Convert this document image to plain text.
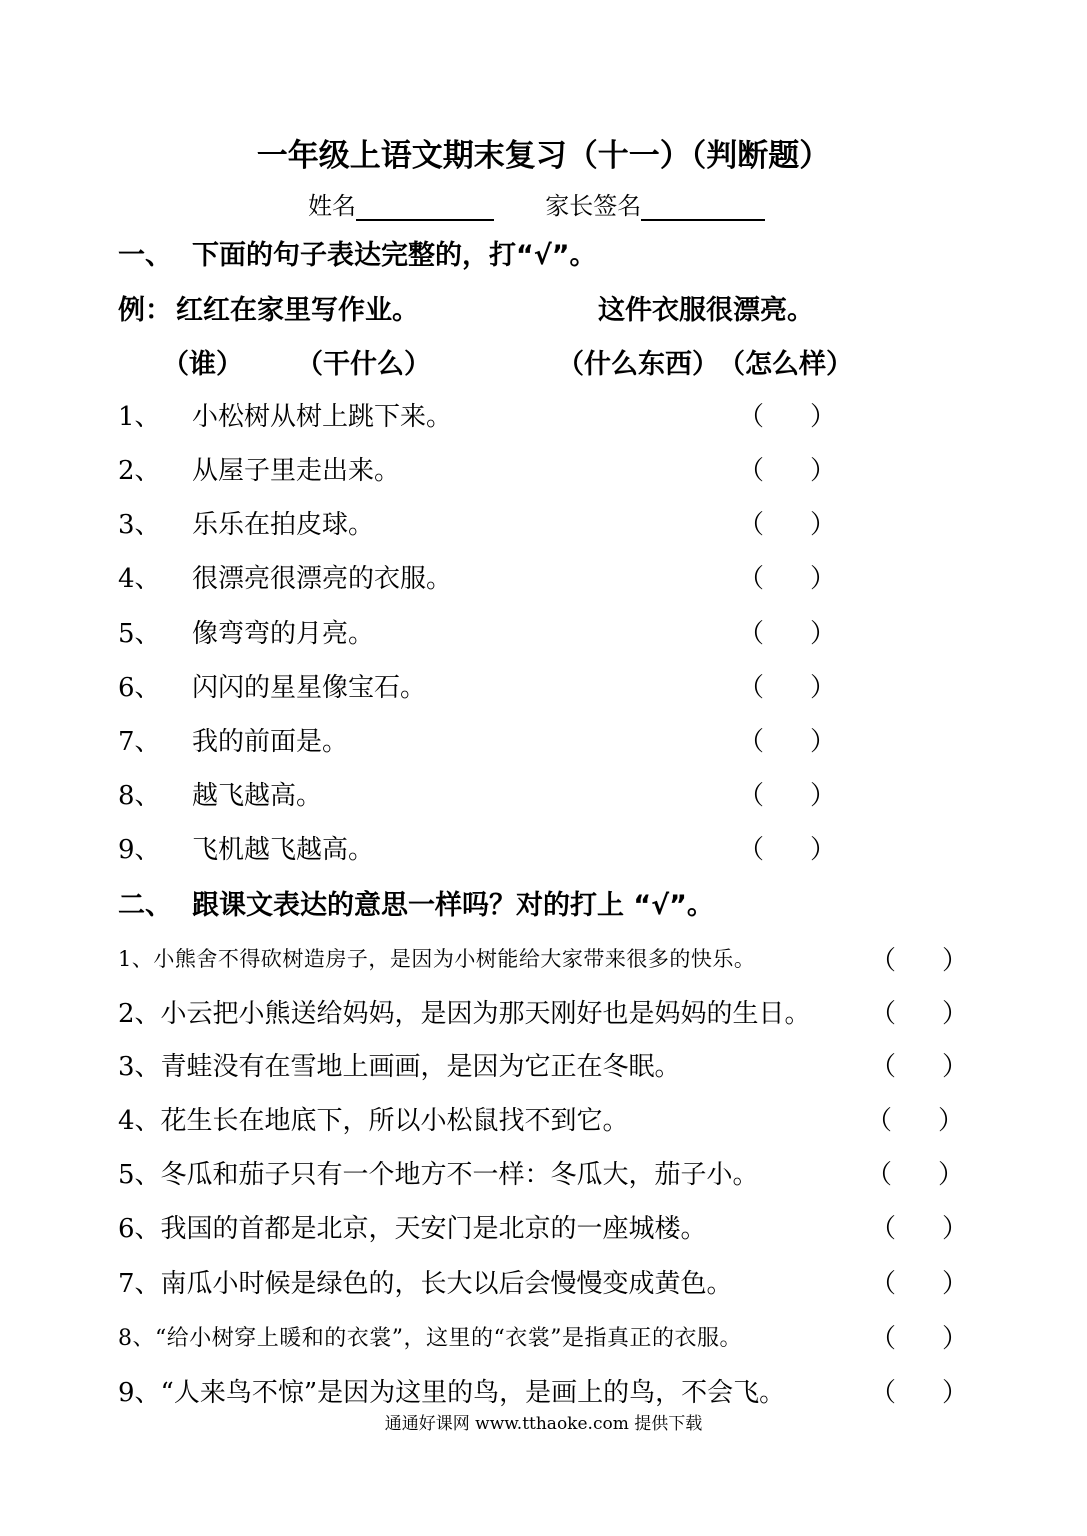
一年级上语文期末复习（十一）（判断题）
姓名	家长签名
一、 下面的句子表达完整的，打“√”。
例： 红红在家里写作业。	这件衣服很漂亮。
（谁） （干什么）	（什么东西） （怎么样）
1、 小松树从树上跳下来。	（ ）
2、 从屋子里走出来。	（ ）
3、 乐乐在拍皮球。	（ ）
4、 很漂亮很漂亮的衣服。	（ ）
5、 像弯弯的月亮。	（ ）
6、 闪闪的星星像宝石。	（ ）
7、 我的前面是。	（ ）
8、 越飞越高。	（ ）
9、 飞机越飞越高。	（ ）
二、 跟课文表达的意思一样吗？对的打上 “√”。
1、小熊舍不得砍树造房子，是因为小树能给大家带来很多的快乐。	（ ）
2、小云把小熊送给妈妈，是因为那天刚好也是妈妈的生日。 （ ）
3、青蛙没有在雪地上画画，是因为它正在冬眠。	（ ）
4、花生长在地底下，所以小松鼠找不到它。	（ ）
5、冬瓜和茄子只有一个地方不一样：冬瓜大，茄子小。	（ ）
6、我国的首都是北京，天安门是北京的一座城楼。	（ ）
7、南瓜小时候是绿色的，长大以后会慢慢变成黄色。	（ ）
8、“给小树穿上暖和的衣裳”，这里的“衣裳”是指真正的衣服。	（ ）
9、“人来鸟不惊”是因为这里的鸟，是画上的鸟，不会飞。	（ ）
通通好课网 www.tthaoke.com 提供下载
